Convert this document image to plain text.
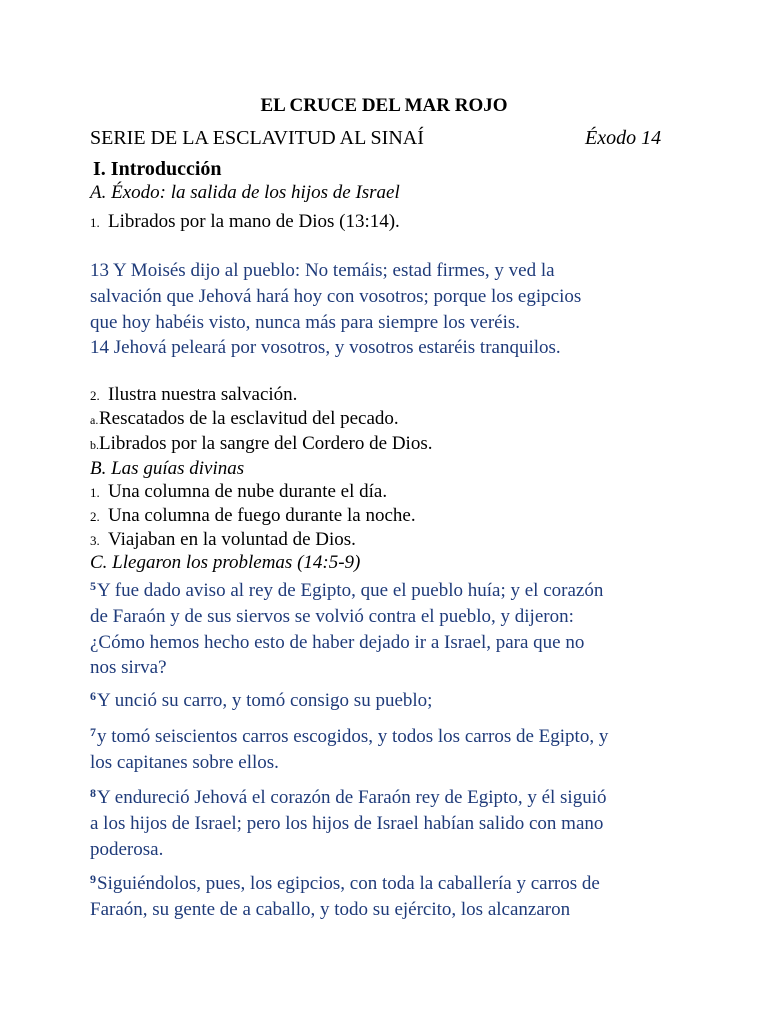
EL CRUCE DEL MAR ROJO

SERIE DE LA ESCLAVITUD AL SINAÍ	Éxodo 14

I. Introducción

A. Éxodo: la salida de los hijos de Israel

1. Librados por la mano de Dios (13:14).

13 Y Moisés dijo al pueblo: No temáis; estad firmes, y ved la

salvación que Jehová hará hoy con vosotros; porque los egipcios

que hoy habéis visto, nunca más para siempre los veréis.

14 Jehová peleará por vosotros, y vosotros estaréis tranquilos.

2. Ilustra nuestra salvación.

a.Rescatados de la esclavitud del pecado.

b.Librados por la sangre del Cordero de Dios.

B. Las guías divinas

1. Una columna de nube durante el día.

2. Una columna de fuego durante la noche.

3. Viajaban en la voluntad de Dios.

C. Llegaron los problemas (14:5-9)

$^5$Y fue dado aviso al rey de Egipto, que el pueblo huía; y el corazón

de Faraón y de sus siervos se volvió contra el pueblo, y dijeron:

¿Cómo hemos hecho esto de haber dejado ir a Israel, para que no

nos sirva?

$^6$Y unció su carro, y tomó consigo su pueblo;

$^7$y tomó seiscientos carros escogidos, y todos los carros de Egipto, y

los capitanes sobre ellos.

$^8$Y endureció Jehová el corazón de Faraón rey de Egipto, y él siguió

a los hijos de Israel; pero los hijos de Israel habían salido con mano

poderosa.

$^9$Siguiéndolos, pues, los egipcios, con toda la caballería y carros de

Faraón, su gente de a caballo, y todo su ejército, los alcanzaron
